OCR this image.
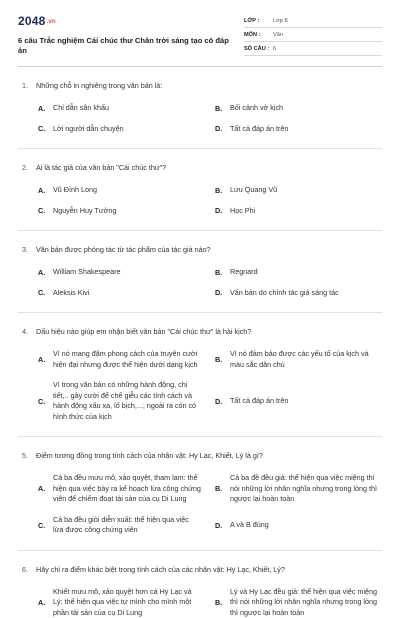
2048.vn
6 câu Trắc nghiệm Cái chúc thư Chân trời sáng tạo có đáp án
LỚP :	Lớp 8
MÔN :	Văn
SỐ CÂU : 6
1.	Những chỗ in nghiêng trong văn bản là:
A.	Chỉ dẫn sân khấu	B.	Bối cảnh vở kịch
C.	Lời người dẫn chuyện	D.	Tất cả đáp án trên
2.	Ai là tác giả của văn bản "Cái chúc thư"?
A.	Vũ Đình Long	B.	Lưu Quang Vũ
C.	Nguyễn Huy Tưởng	D.	Học Phi
3.	Văn bản được phỏng tác từ tác phẩm của tác giả nào?
A.	William Shakespeare	B.	Regnard
C.	Aleksis Kivi	D.	Văn bản do chính tác giả sáng tác
4.	Dấu hiệu nào giúp em nhận biết văn bản "Cái chúc thư" là hài kịch?
A.
Vì nó mang đậm phong cách của truyện cười hiện đại nhưng được thể hiện dưới dạng kịch	B.
Vì nó đảm bảo được các yếu tố của kịch và màu sắc dân chủ
C.
Vì trong văn bản có những hành động, chi tiết,.. gây cười để chế giễu các tính cách và hành động xấu xa, lố bịch,...; ngoài ra còn có hình thức của kịch
D.	Tất cả đáp án trên
5.	Điểm tương đồng trong tính cách của nhân vật: Hy Lạc, Khiết, Lý là gì?
A.
Cả ba đều mưu mô, xảo quyệt, tham lam: thể hiện qua việc bày ra kế hoạch lừa công chứng viên để chiếm đoạt tài sản của cụ Di Lung
B.
Cả ba đề đều giả: thể hiện qua việc miệng thì nói những lời nhân nghĩa nhưng trong lòng thì ngược lại hoàn toàn
C.
Cả ba đều giỏi diễn xuất: thể hiện qua việc lừa được công chứng viên	D.	A và B đúng
6.	Hãy chỉ ra điểm khác biệt trong tính cách của các nhân vật: Hy Lạc, Khiết, Lý?
A.
Khiết mưu mô, xảo quyệt hơn cả Hy Lạc và Lý: thể hiện qua việc tự mình cho mình một phần tài sản của cụ Di Lung
B.
Lý và Hy Lạc đều giả: thể hiện qua việc miệng thì nói những lời nhân nghĩa nhưng trong lòng thì ngược lại hoàn toàn
